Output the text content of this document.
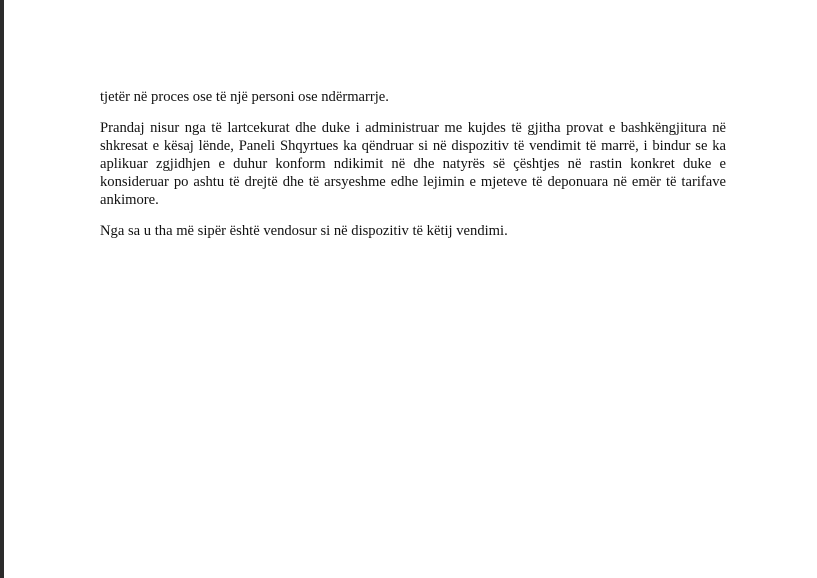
tjetër në proces ose të një personi ose ndërmarrje.

Prandaj nisur nga të lartcekurat dhe duke i administruar me kujdes të gjitha provat e bashkëngjitura në shkresat e kësaj lënde, Paneli Shqyrtues ka qëndruar si në dispozitiv të vendimit të marrë, i bindur se ka aplikuar zgjidhjen e duhur konform ndikimit në dhe natyrës së çështjes në rastin konkret duke e konsideruar po ashtu të drejtë dhe të arsyeshme edhe lejimin e mjeteve të deponuara në emër të tarifave ankimore.

Nga sa u tha më sipër është vendosur si në dispozitiv të këtij vendimi.
